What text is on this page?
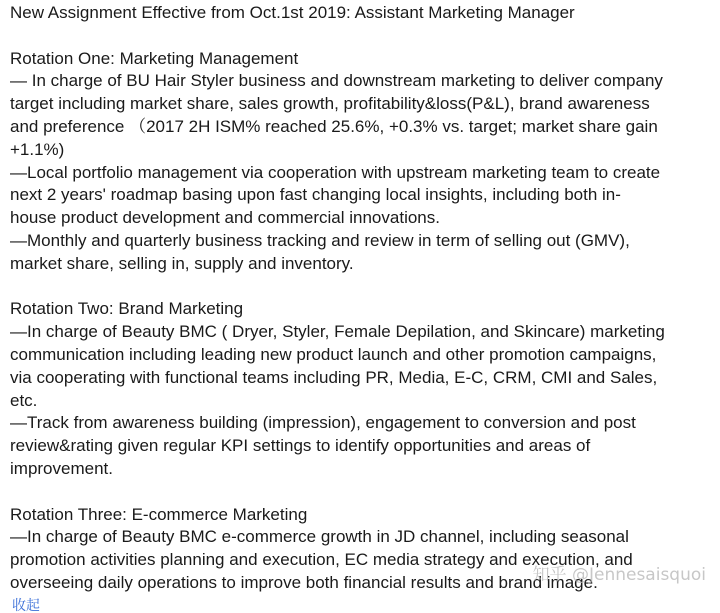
New Assignment Effective from Oct.1st 2019: Assistant Marketing Manager
Rotation One: Marketing Management
— In charge of BU Hair Styler business and downstream marketing to deliver company
target including market share, sales growth, profitability&loss(P&L), brand awareness
and preference （2017 2H ISM% reached 25.6%, +0.3% vs. target; market share gain
+1.1%)
—Local portfolio management via cooperation with upstream marketing team to create
next 2 years' roadmap basing upon fast changing local insights, including both in-
house product development and commercial innovations.
—Monthly and quarterly business tracking and review in term of selling out (GMV),
market share, selling in, supply and inventory.
Rotation Two: Brand Marketing
—In charge of Beauty BMC ( Dryer, Styler, Female Depilation, and Skincare) marketing
communication including leading new product launch and other promotion campaigns,
via cooperating with functional teams including PR, Media, E-C, CRM, CMI and Sales,
etc.
—Track from awareness building (impression), engagement to conversion and post
review&rating given regular KPI settings to identify opportunities and areas of
improvement.
Rotation Three: E-commerce Marketing
—In charge of Beauty BMC e-commerce growth in JD channel, including seasonal
promotion activities planning and execution, EC media strategy and execution, and
overseeing daily operations to improve both financial results and brand image.
知乎 @Jennesaisquoi
收起
